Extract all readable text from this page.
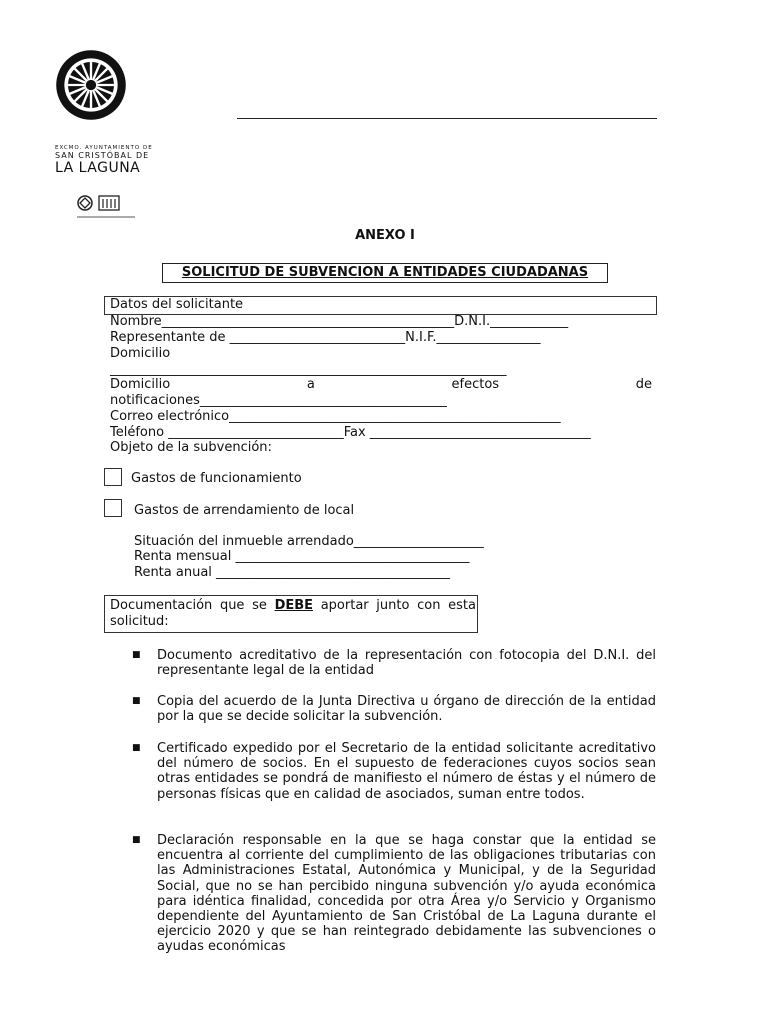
EXCMO. AYUNTAMIENTO DE
SAN CRISTÓBAL DE
LA LAGUNA
ANEXO I
SOLICITUD DE SUBVENCION A ENTIDADES CIUDADANAS
Datos del solicitante
Nombre_____________________________________________D.N.I.____________
Representante de ___________________________N.I.F.________________
Domicilio
_____________________________________________________________
Domicilio	a	efectos	de
notificaciones______________________________________
Correo electrónico___________________________________________________
Teléfono ___________________________Fax __________________________________
Objeto de la subvención:
Gastos de funcionamiento
Gastos de arrendamiento de local
Situación del inmueble arrendado____________________
Renta mensual ____________________________________
Renta anual ____________________________________
Documentación que se DEBE aportar junto con esta solicitud:
■ Documento acreditativo de la representación con fotocopia del D.N.I. del representante legal de la entidad
■ Copia del acuerdo de la Junta Directiva u órgano de dirección de la entidad por la que se decide solicitar la subvención.
■ Certificado expedido por el Secretario de la entidad solicitante acreditativo del número de socios. En el supuesto de federaciones cuyos socios sean otras entidades se pondrá de manifiesto el número de éstas y el número de personas físicas que en calidad de asociados, suman entre todos.
■ Declaración responsable en la que se haga constar que la entidad se encuentra al corriente del cumplimiento de las obligaciones tributarias con las Administraciones Estatal, Autonómica y Municipal, y de la Seguridad Social, que no se han percibido ninguna subvención y/o ayuda económica para idéntica finalidad, concedida por otra Área y/o Servicio y Organismo dependiente del Ayuntamiento de San Cristóbal de La Laguna durante el ejercicio 2020 y que se han reintegrado debidamente las subvenciones o ayudas económicas
